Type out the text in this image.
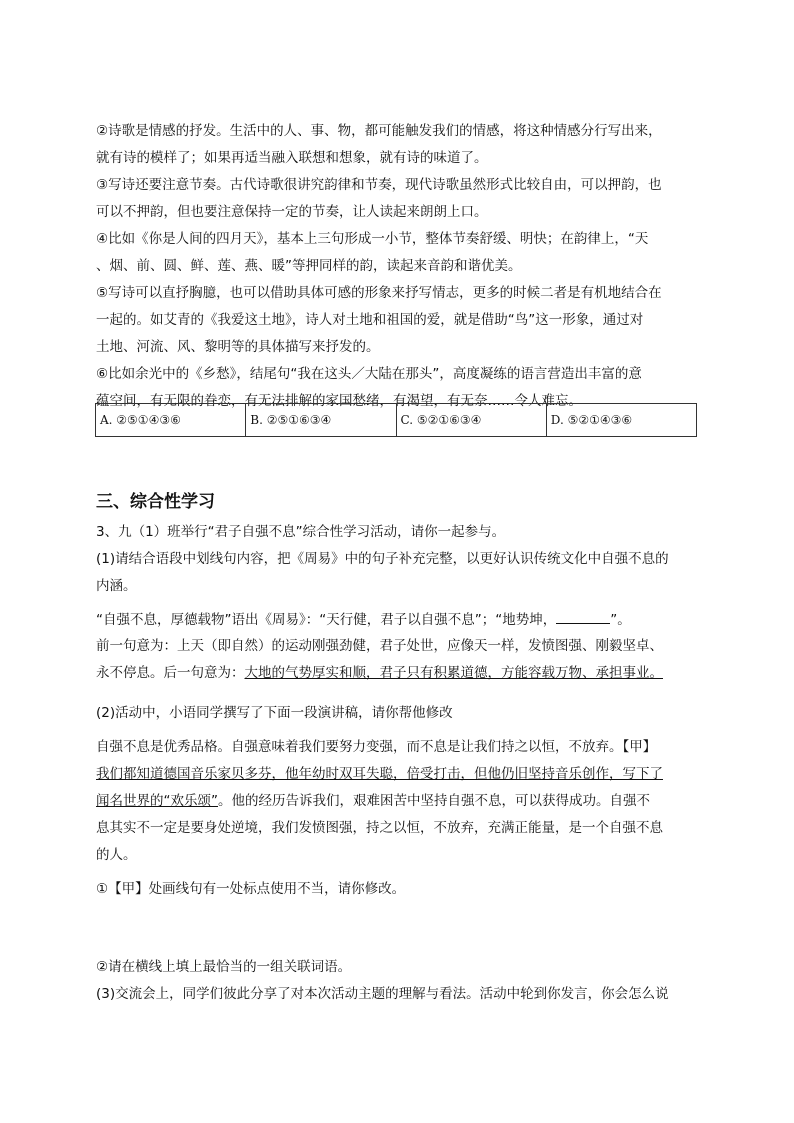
②诗歌是情感的抒发。生活中的人、事、物，都可能触发我们的情感，将这种情感分行写出来，
就有诗的模样了；如果再适当融入联想和想象，就有诗的味道了。
③写诗还要注意节奏。古代诗歌很讲究韵律和节奏，现代诗歌虽然形式比较自由，可以押韵，也
可以不押韵，但也要注意保持一定的节奏，让人读起来朗朗上口。
④比如《你是人间的四月天》，基本上三句形成一小节，整体节奏舒缓、明快；在韵律上，“天
、烟、前、圆、鲜、莲、燕、暖”等押同样的韵，读起来音韵和谐优美。
⑤写诗可以直抒胸臆，也可以借助具体可感的形象来抒写情志，更多的时候二者是有机地结合在
一起的。如艾青的《我爱这土地》，诗人对土地和祖国的爱，就是借助“鸟”这一形象，通过对
土地、河流、风、黎明等的具体描写来抒发的。
⑥比如余光中的《乡愁》，结尾句“我在这头／大陆在那头”，高度凝练的语言营造出丰富的意
蕴空间，有无限的眷恋，有无法排解的家国愁绪，有渴望，有无奈……令人难忘。
A. ②⑤①④③⑥	B. ②⑤①⑥③④	C. ⑤②①⑥③④	D. ⑤②①④③⑥
三、综合性学习
3、九（1）班举行“君子自强不息”综合性学习活动，请你一起参与。
(1)请结合语段中划线句内容，把《周易》中的句子补充完整，以更好认识传统文化中自强不息的
内涵。
“自强不息，厚德载物”语出《周易》：“天行健，君子以自强不息”；“地势坤，	”。
前一句意为：上天（即自然）的运动刚强劲健，君子处世，应像天一样，发愤图强、刚毅坚卓、
永不停息。后一句意为：大地的气势厚实和顺，君子只有积累道德，方能容载万物、承担事业。
(2)活动中，小语同学撰写了下面一段演讲稿，请你帮他修改
自强不息是优秀品格。自强意味着我们要努力变强，而不息是让我们持之以恒，不放弃。【甲】
我们都知道德国音乐家贝多芬，他年幼时双耳失聪，倍受打击，但他仍旧坚持音乐创作，写下了
闻名世界的“欢乐颂”。他的经历告诉我们，艰难困苦中坚持自强不息，可以获得成功。自强不
息其实不一定是要身处逆境，我们发愤图强，持之以恒，不放弃，充满正能量，是一个自强不息
的人。
①【甲】处画线句有一处标点使用不当，请你修改。
②请在横线上填上最恰当的一组关联词语。
(3)交流会上，同学们彼此分享了对本次活动主题的理解与看法。活动中轮到你发言，你会怎么说
